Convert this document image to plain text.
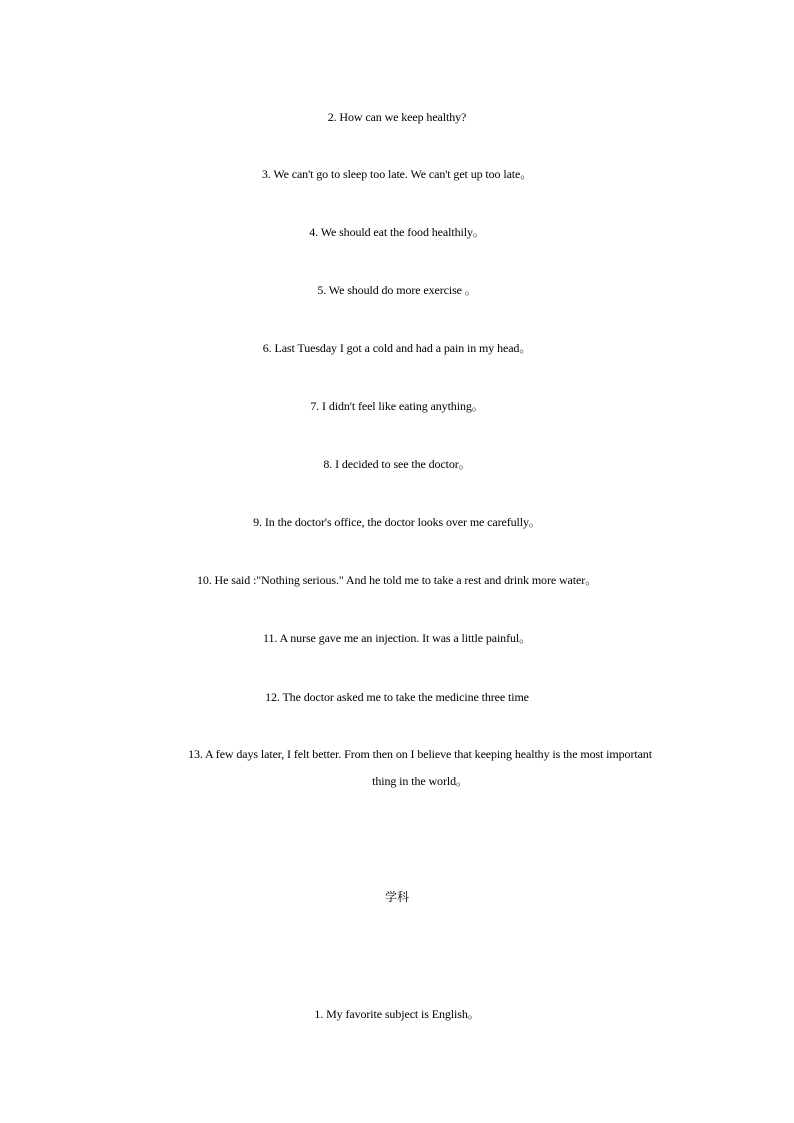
2. How can we keep healthy?

3. We can't go to sleep too late. We can't get up too late。

4. We should eat the food healthily。

5. We should do more exercise 。

6. Last Tuesday I got a cold and had a pain in my head。

7. I didn't feel like eating anything。

8. I decided to see the doctor。

9. In the doctor's office, the doctor looks over me carefully。

10. He said :"Nothing serious." And he told me to take a rest and drink more water。

11. A nurse gave me an injection. It was a little painful。

12. The doctor asked me to take the medicine three time

13. A few days later, I felt better. From then on I believe that keeping healthy is the most important thing in the world。

学科

1. My favorite subject is English。
